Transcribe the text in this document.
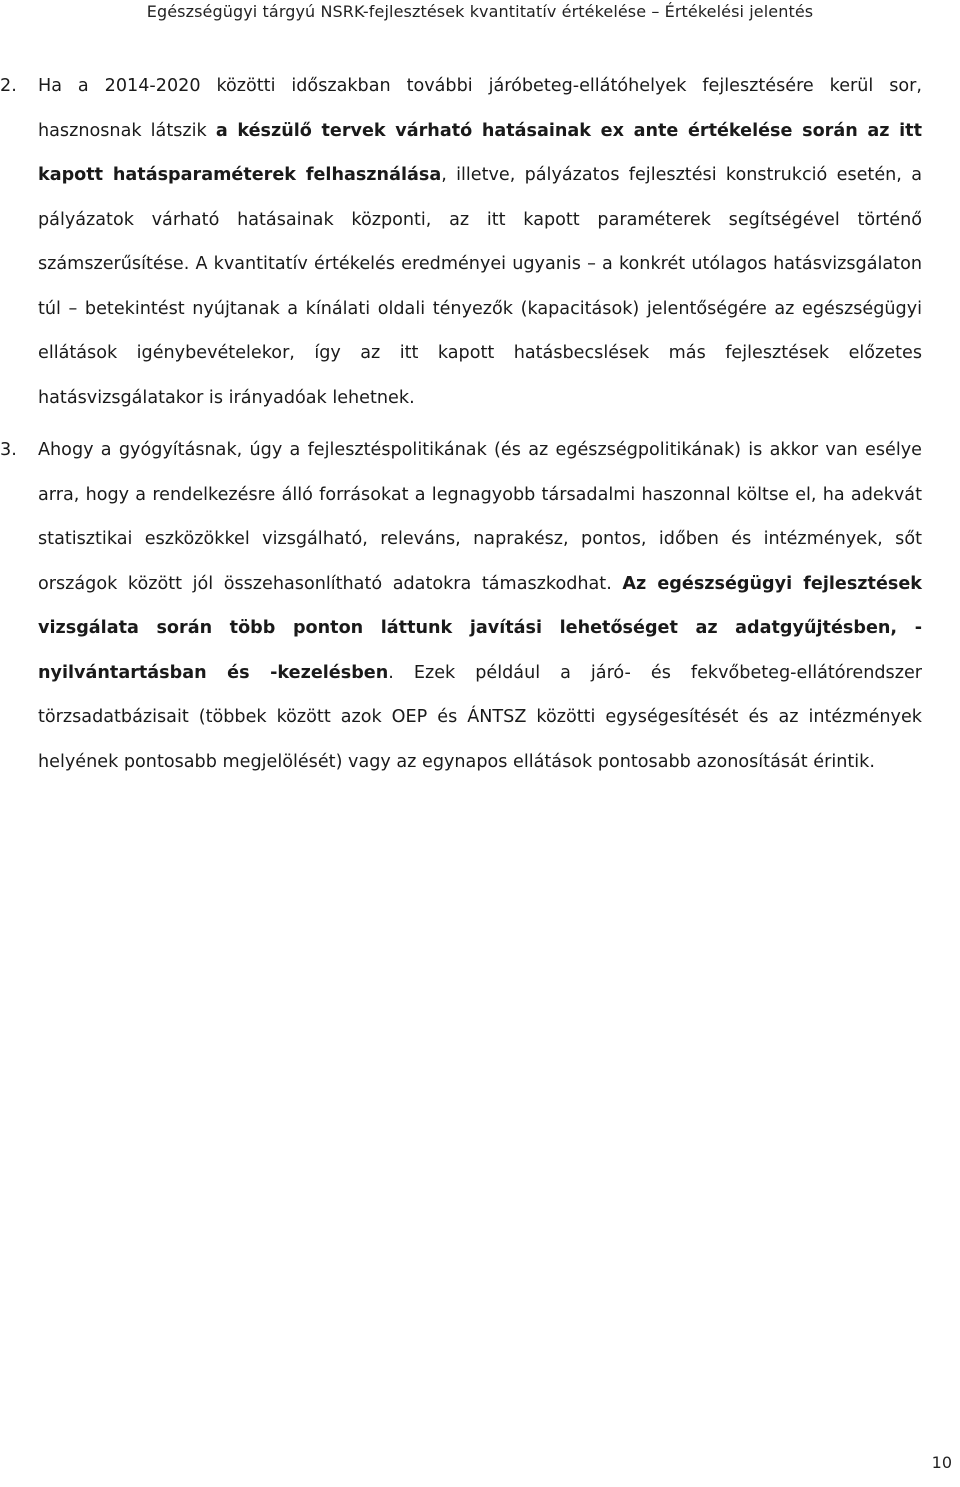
Egészségügyi tárgyú NSRK-fejlesztések kvantitatív értékelése – Értékelési jelentés

2.	Ha a 2014-2020 közötti időszakban további járóbeteg-ellátóhelyek fejlesztésére kerül sor, hasznosnak látszik a készülő tervek várható hatásainak ex ante értékelése során az itt kapott hatásparaméterek felhasználása, illetve, pályázatos fejlesztési konstrukció esetén, a pályázatok várható hatásainak központi, az itt kapott paraméterek segítségével történő számszerűsítése. A kvantitatív értékelés eredményei ugyanis – a konkrét utólagos hatásvizsgálaton túl – betekintést nyújtanak a kínálati oldali tényezők (kapacitások) jelentőségére az egészségügyi ellátások igénybevételekor, így az itt kapott hatásbecslések más fejlesztések előzetes hatásvizsgálatakor is irányadóak lehetnek.

3.	Ahogy a gyógyításnak, úgy a fejlesztéspolitikának (és az egészségpolitikának) is akkor van esélye arra, hogy a rendelkezésre álló forrásokat a legnagyobb társadalmi haszonnal költse el, ha adekvát statisztikai eszközökkel vizsgálható, releváns, naprakész, pontos, időben és intézmények, sőt országok között jól összehasonlítható adatokra támaszkodhat. Az egészségügyi fejlesztések vizsgálata során több ponton láttunk javítási lehetőséget az adatgyűjtésben, -nyilvántartásban és -kezelésben. Ezek például a járó- és fekvőbeteg-ellátórendszer törzsadatbázisait (többek között azok OEP és ÁNTSZ közötti egységesítését és az intézmények helyének pontosabb megjelölését) vagy az egynapos ellátások pontosabb azonosítását érintik.

10
